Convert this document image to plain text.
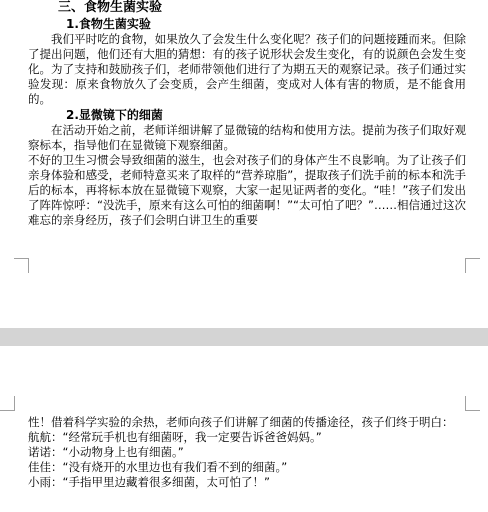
三、食物生菌实验
1.食物生菌实验

我们平时吃的食物，如果放久了会发生什么变化呢？孩子们的问题接踵而来。但除了提出问题，他们还有大胆的猜想：有的孩子说形状会发生变化，有的说颜色会发生变化。为了支持和鼓励孩子们，老师带领他们进行了为期五天的观察记录。孩子们通过实验发现：原来食物放久了会变质，会产生细菌，变成对人体有害的物质，是不能食用的。

2.显微镜下的细菌

在活动开始之前，老师详细讲解了显微镜的结构和使用方法。提前为孩子们取好观察标本，指导他们在显微镜下观察细菌。

不好的卫生习惯会导致细菌的滋生，也会对孩子们的身体产生不良影响。为了让孩子们亲身体验和感受，老师特意买来了取样的“营养琼脂”，提取孩子们洗手前的标本和洗手后的标本，再将标本放在显微镜下观察，大家一起见证两者的变化。“哇！”孩子们发出了阵阵惊呼：“没洗手，原来有这么可怕的细菌啊！”“太可怕了吧？”……相信通过这次难忘的亲身经历，孩子们会明白讲卫生的重要

性！借着科学实验的余热，老师向孩子们讲解了细菌的传播途径，孩子们终于明白：

航航：“经常玩手机也有细菌呀，我一定要告诉爸爸妈妈。”
诺诺：“小动物身上也有细菌。”
佳佳：“没有烧开的水里边也有我们看不到的细菌。”
小雨：“手指甲里边藏着很多细菌，太可怕了！”
